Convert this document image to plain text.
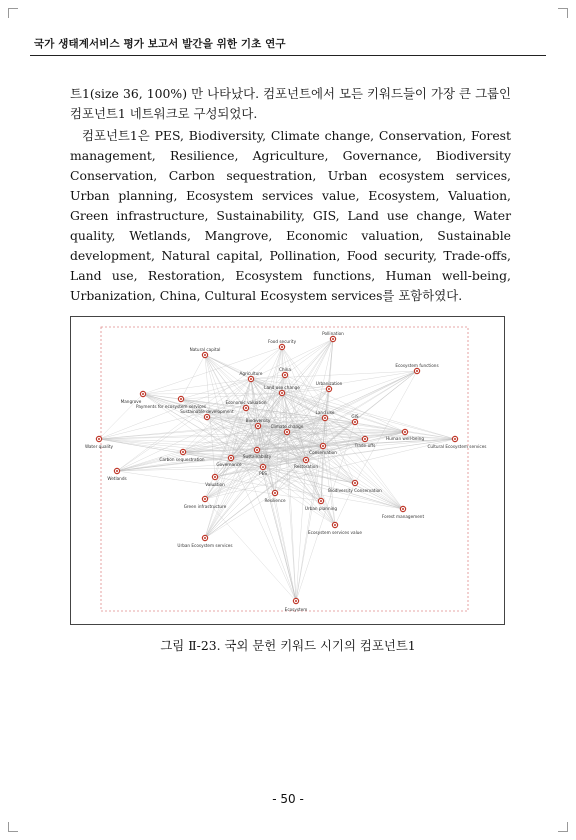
국가 생태계서비스 평가 보고서 발간을 위한 기초 연구
트1(size 36, 100%) 만 나타났다. 컴포넌트에서 모든 키워드들이 가장 큰 그룹인 컴포넌트1 네트워크로 구성되었다.
컴포넌트1은 PES, Biodiversity, Climate change, Conservation, Forest management, Resilience, Agriculture, Governance, Biodiversity Conservation, Carbon sequestration, Urban ecosystem services, Urban planning, Ecosystem services value, Ecosystem, Valuation, Green infrastructure, Sustainability, GIS, Land use change, Water quality, Wetlands, Mangrove, Economic valuation, Sustainable development, Natural capital, Pollination, Food security, Trade-offs, Land use, Restoration, Ecosystem functions, Human well-being, Urbanization, China, Cultural Ecosystem services를 포함하였다.
Pollination
Food security
Natural capital
Ecosystem functions
Agriculture
China
Mangrove
Payments for ecosystem services
Land use change
Urbanization
Economic valuation
Sustainable development	Land use
GIS
Biodiversity
Climate change
Human well-being
Water quality	Trade-offs	Cultural Ecosystem services
Conservation
Carbon sequestration
Sustainability
Governance	Restoration
PES
Wetlands
Valuation
Biodiversity Conservation
Resilience
Green infrastructure	Urban planning
Forest management
Ecosystem services value
Urban Ecosystem services
Ecosystem
그림 Ⅱ-23. 국외 문헌 키워드 시기의 컴포넌트1
- 50 -
